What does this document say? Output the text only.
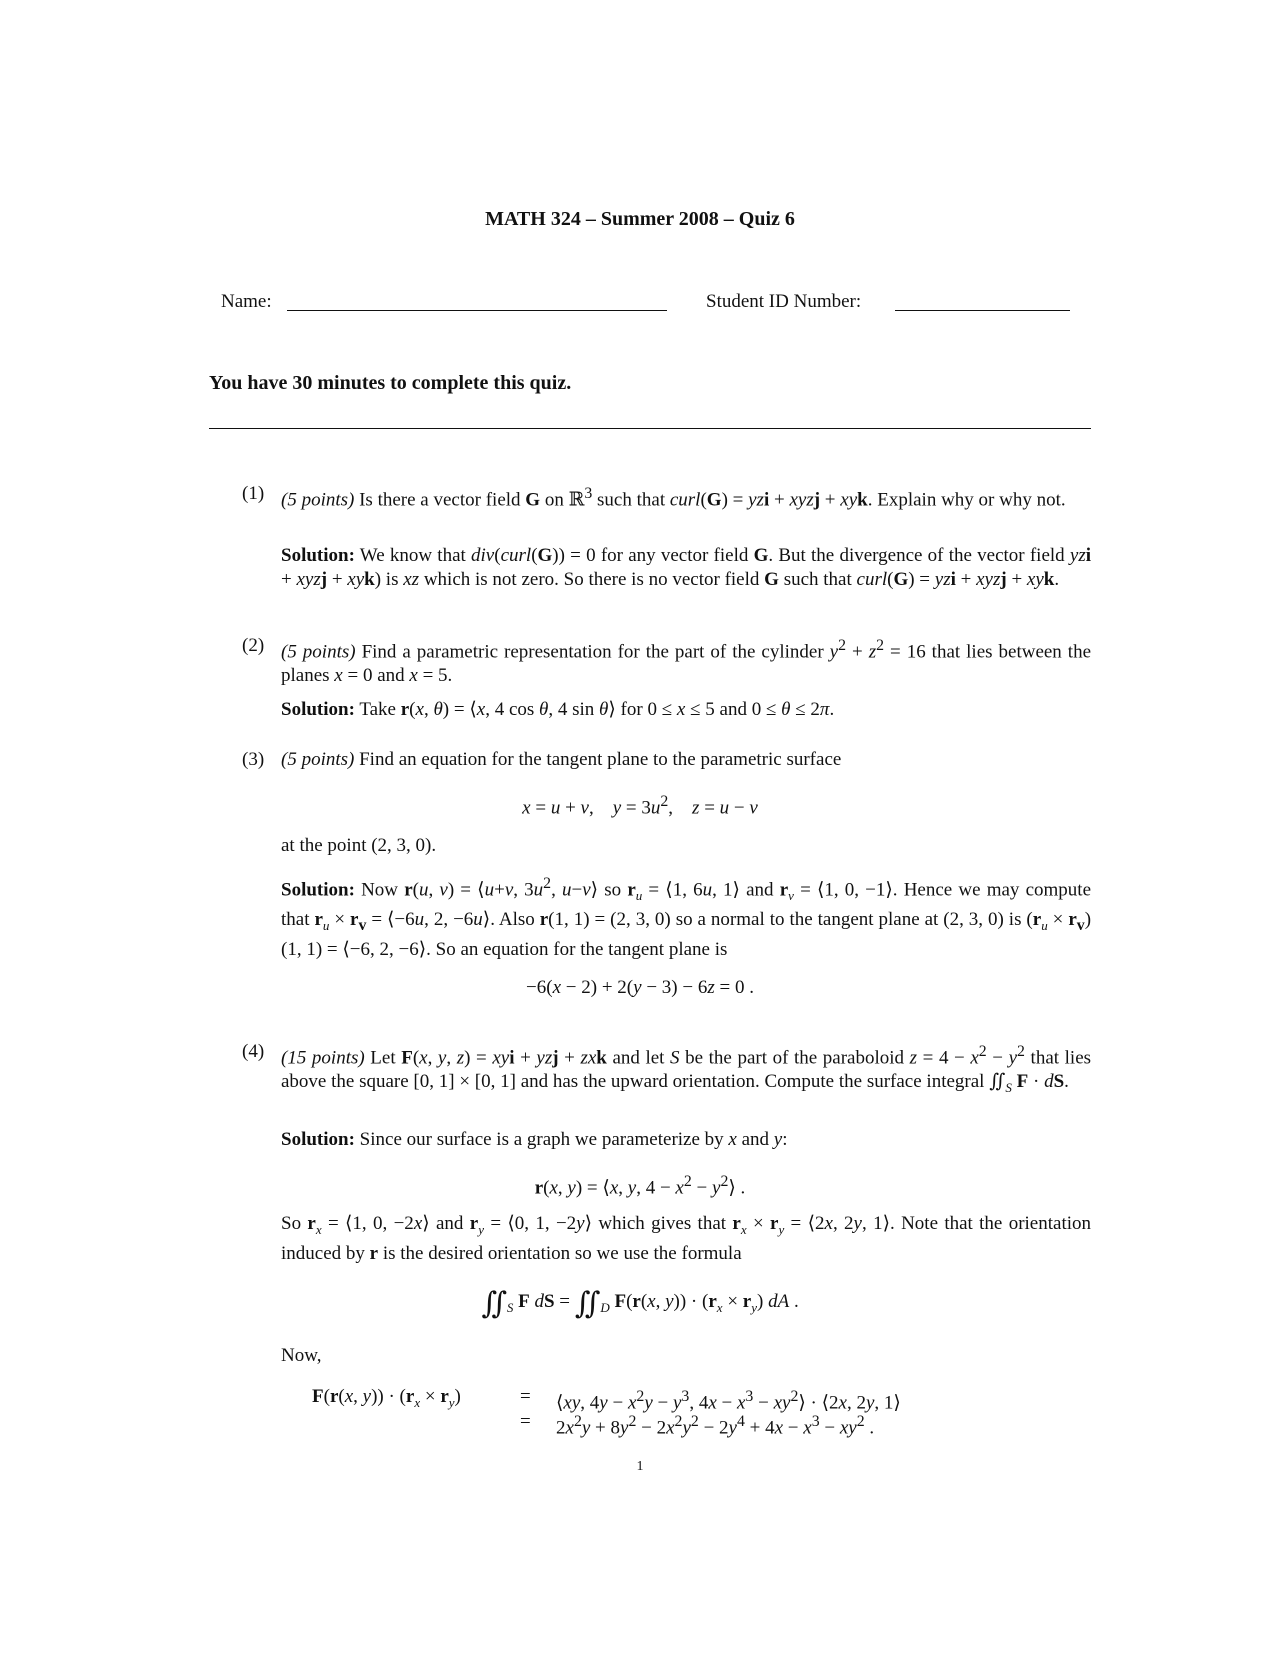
MATH 324 – Summer 2008 – Quiz 6
Name:	Student ID Number:
You have 30 minutes to complete this quiz.
(1) (5 points) Is there a vector field G on ℝ$^3$ such that curl(G) = yzi + xyzj + xyk. Explain why or why not.
Solution: We know that div(curl(G)) = 0 for any vector field G. But the divergence of the vector field yzi + xyzj + xyk) is xz which is not zero. So there is no vector field G such that curl(G) = yzi + xyzj + xyk.
(2) (5 points) Find a parametric representation for the part of the cylinder $y^2 + z^2 = 16$ that lies between the planes x = 0 and x = 5.
Solution: Take r(x, θ) = ⟨x, 4 cos θ, 4 sin θ⟩ for 0 ≤ x ≤ 5 and 0 ≤ θ ≤ 2π.
(3) (5 points) Find an equation for the tangent plane to the parametric surface
x = u + v,    $y = 3u^2$,    z = u − v
at the point (2, 3, 0).
Solution: Now r(u, v) = ⟨u+v, $3u^2$, u−v⟩ so $r_u$ = ⟨1, 6u, 1⟩ and $r_v$ = ⟨1, 0, −1⟩. Hence we may compute that $r_u \times r_v$ = ⟨−6u, 2, −6u⟩. Also r(1, 1) = (2, 3, 0) so a normal to the tangent plane at (2, 3, 0) is $(r_u \times r_v)(1$, 1) = ⟨−6, 2, −6⟩. So an equation for the tangent plane is
−6(x − 2) + 2(y − 3) − 6z = 0 .
(4) (15 points) Let F(x, y, z) = xyi + yzj + zxk and let S be the part of the paraboloid $z = 4 - x^2 - y^2$ that lies above the square [0, 1] × [0, 1] and has the upward orientation. Compute the surface integral $∬_S$ F · dS.
Solution: Since our surface is a graph we parameterize by x and y:
r(x, y) = ⟨x, y, $4 - x^2$ − $y^2⟩$ .
So $r_x$ = ⟨1, 0, −2x⟩ and $r_y$ = ⟨0, 1, −2y⟩ which gives that $r_x \times r_y$ = ⟨2x, 2y, 1⟩. Note that the orientation induced by r is the desired orientation so we use the formula
$∬_S$ F dS = $∬_D$ F(r(x, $y)) \cdot (r_x \times r_y)$ dA .
Now,
F(r(x, $y)) \cdot (r_x \times r_y)$	= ⟨xy, $4y - x^2y - y^3$, $4x - x^3$ − $xy^2⟩$ · ⟨2x, 2y, 1⟩
= $2x^2y + 8y^2 - 2x^2y^2 - 2y^4 + 4x - x^3 - xy^2$ .
1
